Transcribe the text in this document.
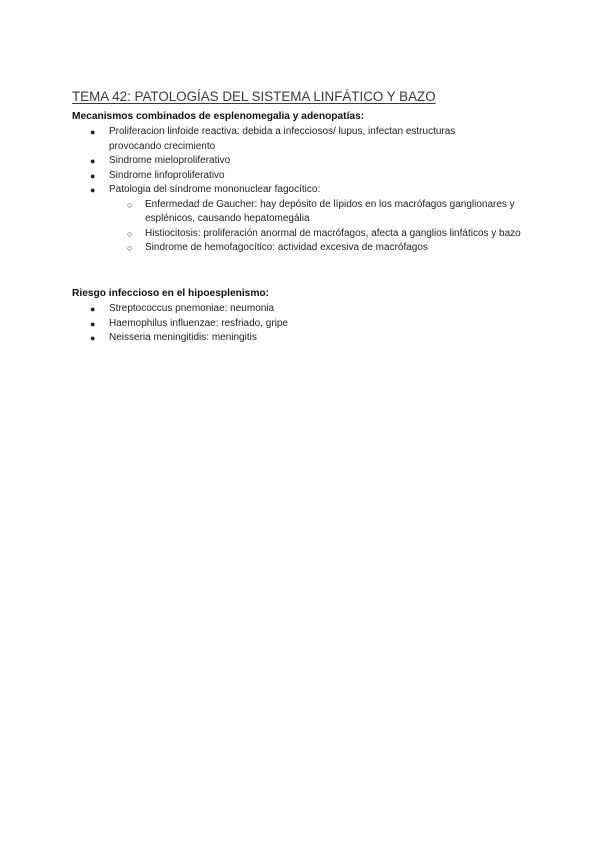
TEMA 42: PATOLOGÍAS DEL SISTEMA LINFÁTICO Y BAZO
Mecanismos combinados de esplenomegalia y adenopatías:
● Proliferacion linfoide reactiva: debida a infecciosos/ lupus, infectan estructuras provocando crecimiento
● Sindrome mieloproliferativo
● Sindrome linfoproliferativo
● Patologia del síndrome mononuclear fagocítico:
○ Enfermedad de Gaucher: hay depósito de lípidos en los macrófagos ganglionares y esplénicos, causando hepatomegália
○ Histiocitosis: proliferación anormal de macrófagos, afecta a ganglios linfáticos y bazo
○ Sindrome de hemofagocítico: actividad excesiva de macrófagos
Riesgo infeccioso en el hipoesplenismo:
● Streptococcus pnemoniae: neumonia
● Haemophilus influenzae: resfriado, gripe
● Neisseria meningitidis: meningitis
